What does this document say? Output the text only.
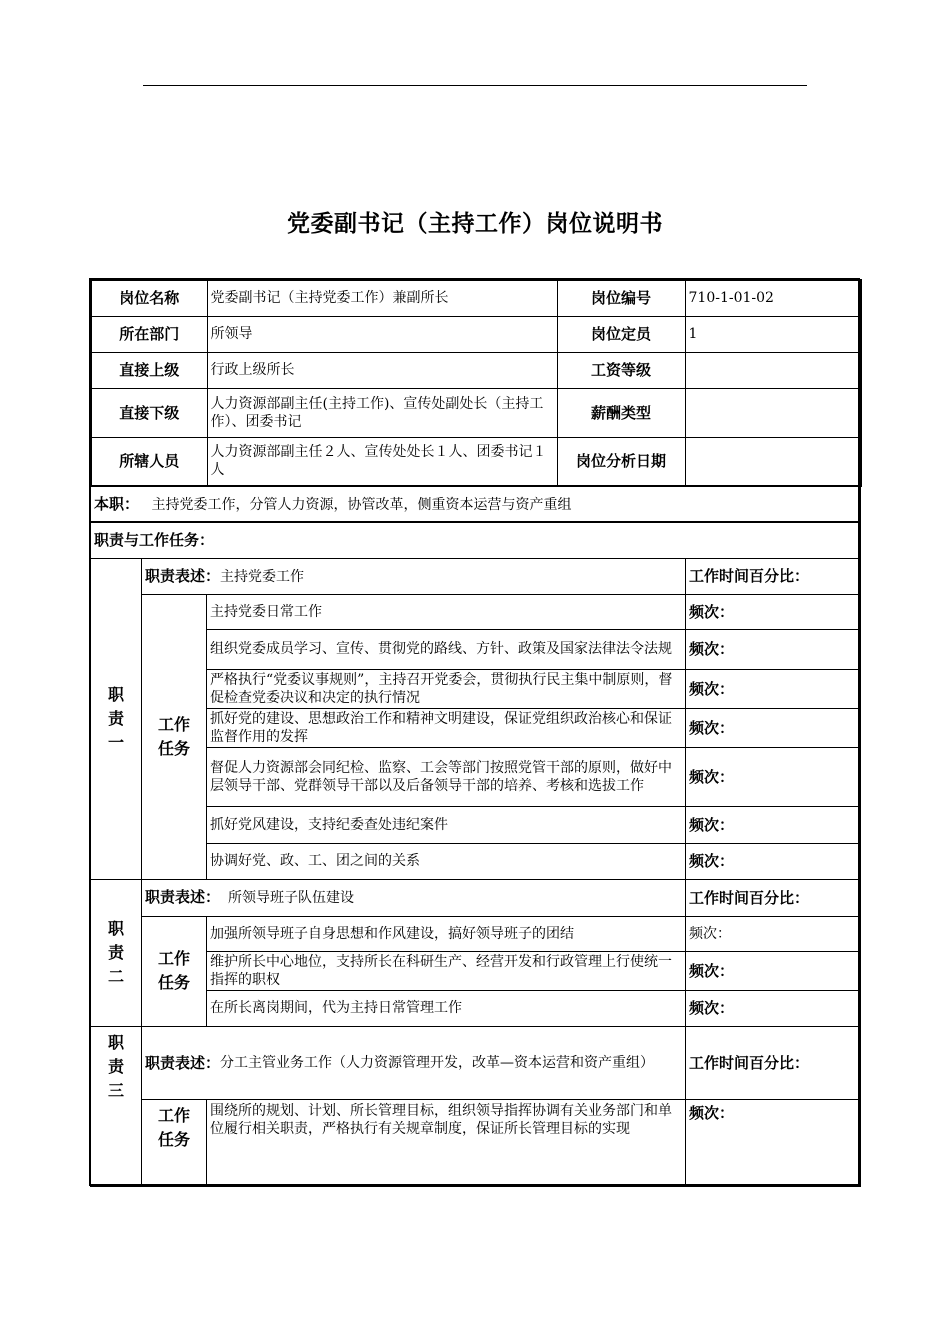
党委副书记（主持工作）岗位说明书
岗位名称	党委副书记（主持党委工作）兼副所长	岗位编号	710-1-01-02
所在部门	所领导	岗位定员	1
直接上级	行政上级所长	工资等级	
直接下级	人力资源部副主任(主持工作)、宣传处副处长（主持工作）、团委书记	薪酬类型	
所辖人员	人力资源部副主任２人、宣传处处长１人、团委书记１人	岗位分析日期	
本职： 主持党委工作，分管人力资源，协管改革，侧重资本运营与资产重组			
职责与工作任务：			

职
责
一	职责表述：主持党委工作		工作时间百分比：

	工作
任务	主持党委日常工作	频次：
		组织党委成员学习、宣传、贯彻党的路线、方针、政策及国家法律法令法规	频次：
		严格执行“党委议事规则”，主持召开党委会，贯彻执行民主集中制原则，督促检查党委决议和决定的执行情况	频次：
		抓好党的建设、思想政治工作和精神文明建设，保证党组织政治核心和保证监督作用的发挥	频次：
		督促人力资源部会同纪检、监察、工会等部门按照党管干部的原则，做好中层领导干部、党群领导干部以及后备领导干部的培养、考核和选拔工作	频次：
		抓好党风建设，支持纪委查处违纪案件	频次：
		协调好党、政、工、团之间的关系	频次：

职
责
二	职责表述： 所领导班子队伍建设		工作时间百分比：

	工作
任务	加强所领导班子自身思想和作风建设，搞好领导班子的团结	频次：
		维护所长中心地位，支持所长在科研生产、经营开发和行政管理上行使统一指挥的职权	频次：
		在所长离岗期间，代为主持日常管理工作	频次：

职
责
三	职责表述：分工主管业务工作（人力资源管理开发，改革—资本运营和资产重组）		工作时间百分比：

	工作
任务	围绕所的规划、计划、所长管理目标，组织领导指挥协调有关业务部门和单位履行相关职责，严格执行有关规章制度，保证所长管理目标的实现	频次：
